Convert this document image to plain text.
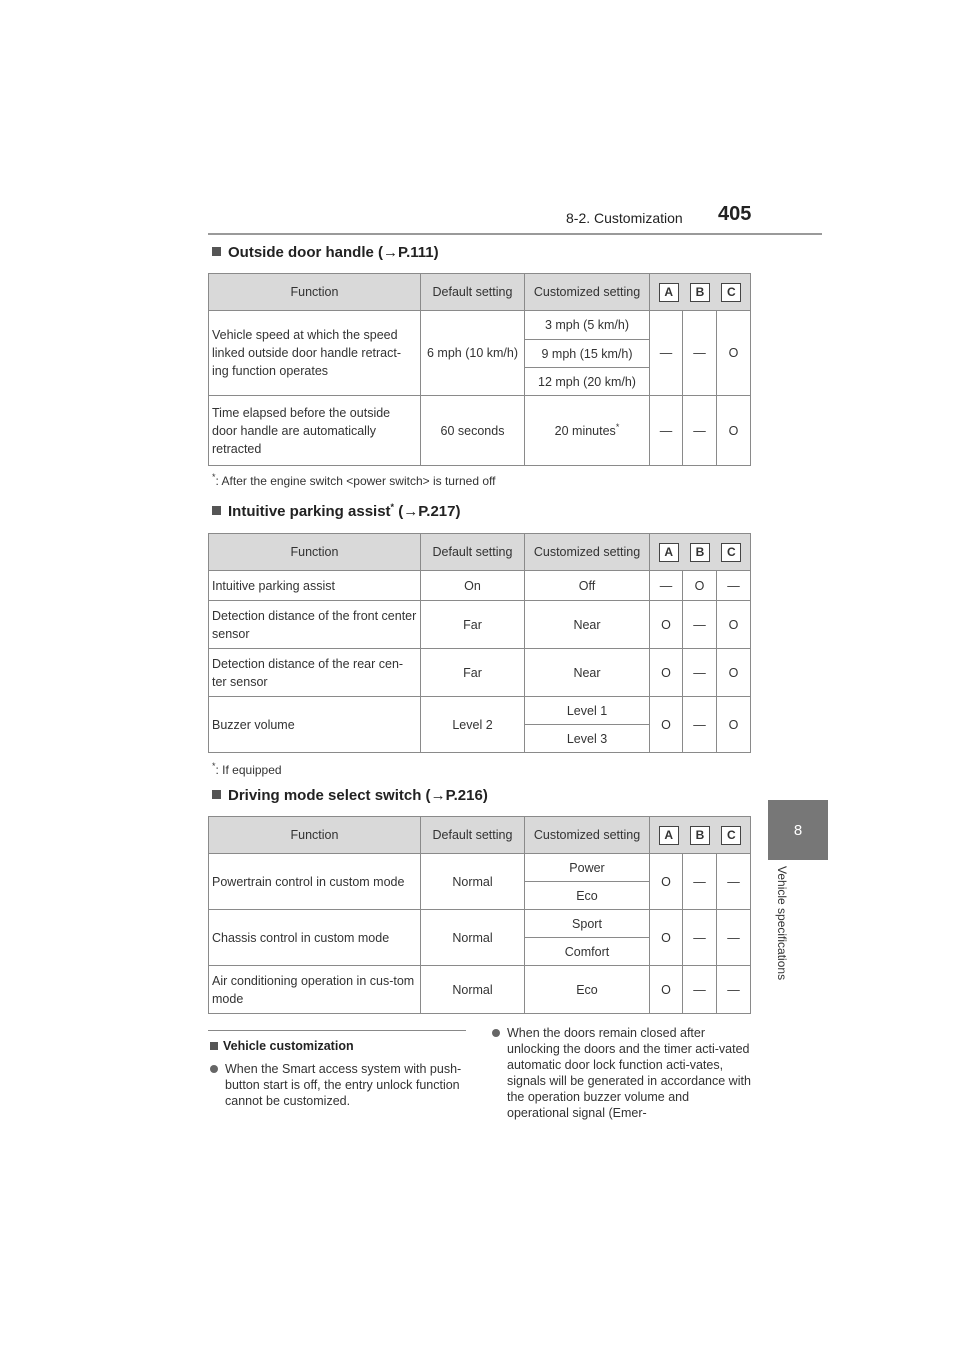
8-2. Customization 405
8
Vehicle specifications
Outside door handle (→P.111)
Function	Default setting	Customized setting	A B C		

Vehicle speed at which the speed linked outside door handle retract-ing function operates	6 mph (10 km/h)	3 mph (5 km/h)	—	—	O
		9 mph (15 km/h)			
		12 mph (20 km/h)			
Time elapsed before the outside door handle are automatically retracted	60 seconds	20 minutes*	—	—	O
*: After the engine switch <power switch> is turned off
Intuitive parking assist* (→P.217)
Function	Default setting	Customized setting	A B C		

Intuitive parking assist	On	Off	—	O	—
Detection distance of the front center sensor	Far	Near	O	—	O
Detection distance of the rear cen-ter sensor	Far	Near	O	—	O
Buzzer volume	Level 2	Level 1	O	—	O
		Level 3			
*: If equipped
Driving mode select switch (→P.216)
Function	Default setting	Customized setting	A B C		

Powertrain control in custom mode	Normal	Power	O	—	—
		Eco			
Chassis control in custom mode	Normal	Sport	O	—	—
		Comfort			
Air conditioning operation in cus-tom mode	Normal	Eco	O	—	—
Vehicle customization
When the Smart access system with push-button start is off, the entry unlock function cannot be customized.
When the doors remain closed after unlocking the doors and the timer acti-vated automatic door lock function acti-vates, signals will be generated in accordance with the operation buzzer volume and operational signal (Emer-
